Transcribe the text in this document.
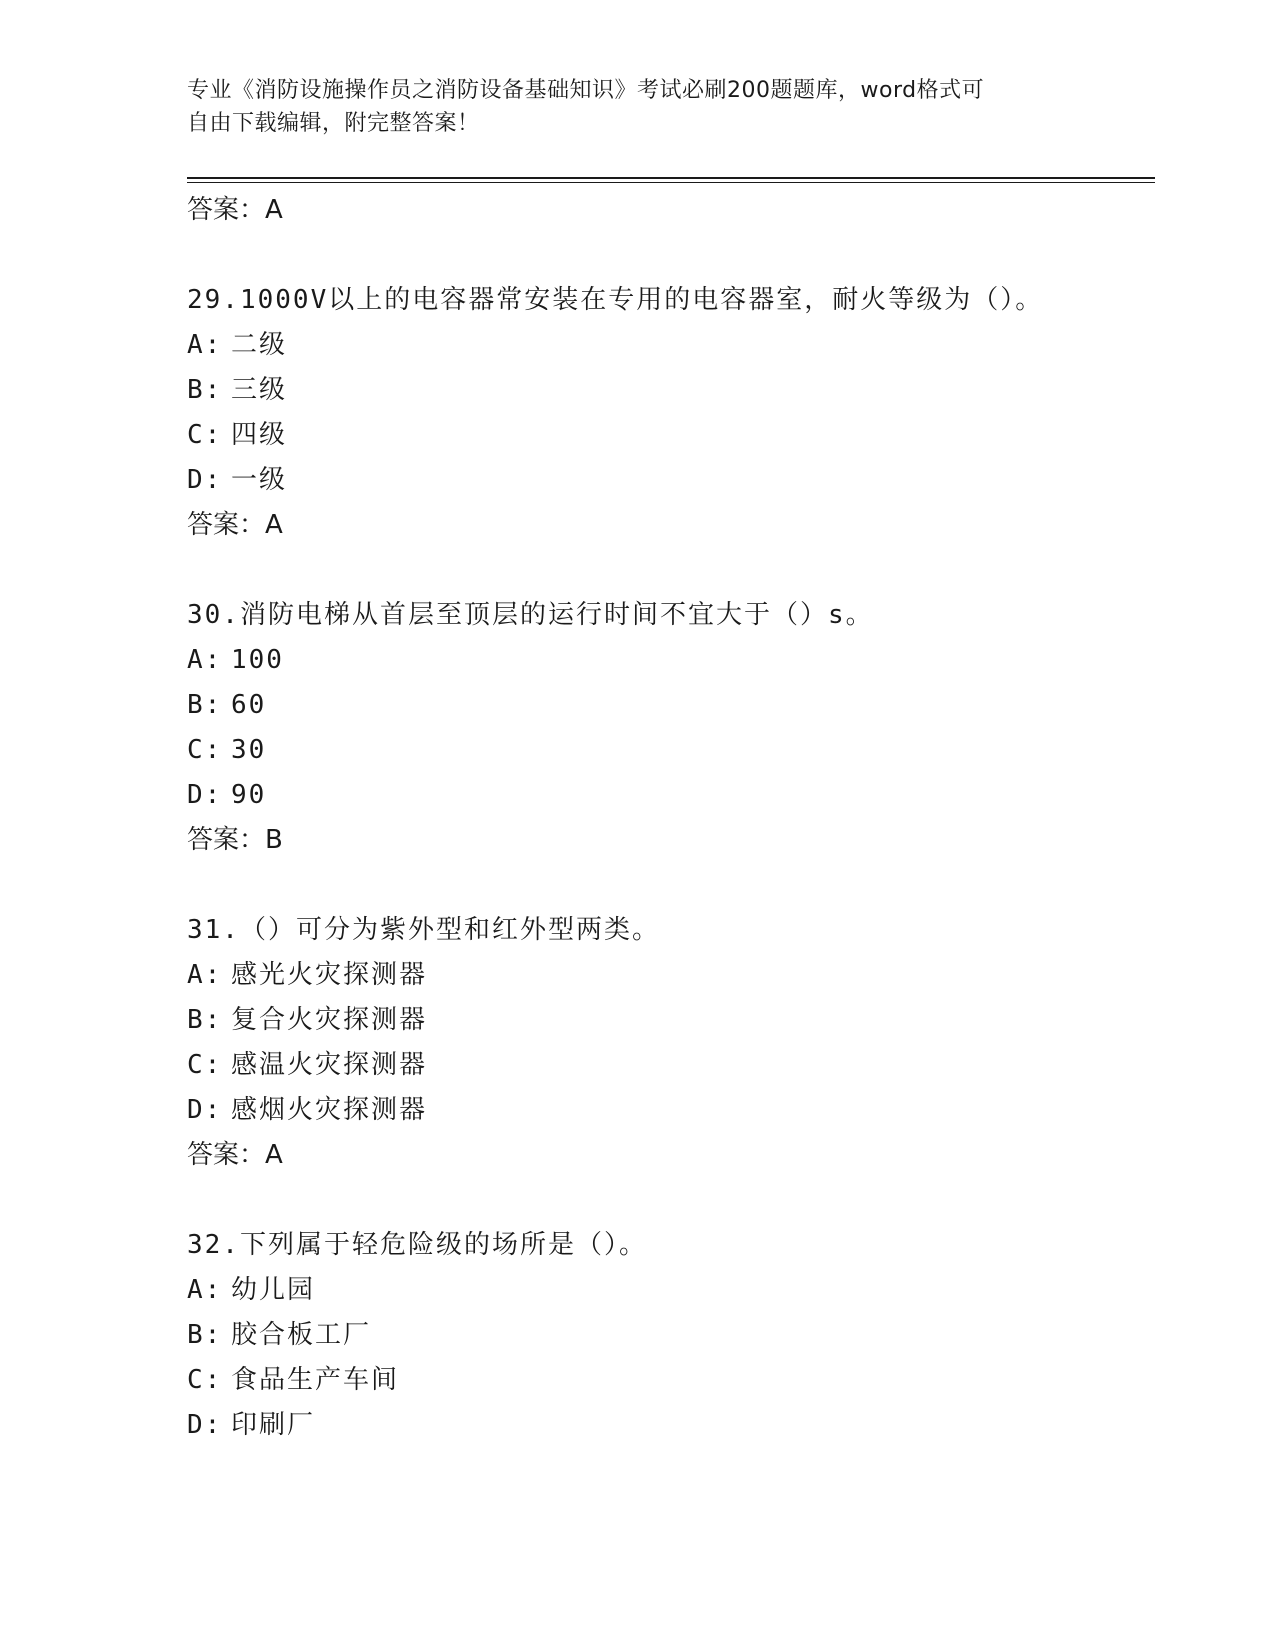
专业《消防设施操作员之消防设备基础知识》考试必刷200题题库，word格式可
自由下载编辑，附完整答案！
答案：A
29.1000V以上的电容器常安装在专用的电容器室，耐火等级为（）。
A: 二级
B: 三级
C: 四级
D: 一级
答案：A
30.消防电梯从首层至顶层的运行时间不宜大于（）s。
A: 100
B: 60
C: 30
D: 90
答案：B
31.（）可分为紫外型和红外型两类。
A: 感光火灾探测器
B: 复合火灾探测器
C: 感温火灾探测器
D: 感烟火灾探测器
答案：A
32.下列属于轻危险级的场所是（）。
A: 幼儿园
B: 胶合板工厂
C: 食品生产车间
D: 印刷厂
